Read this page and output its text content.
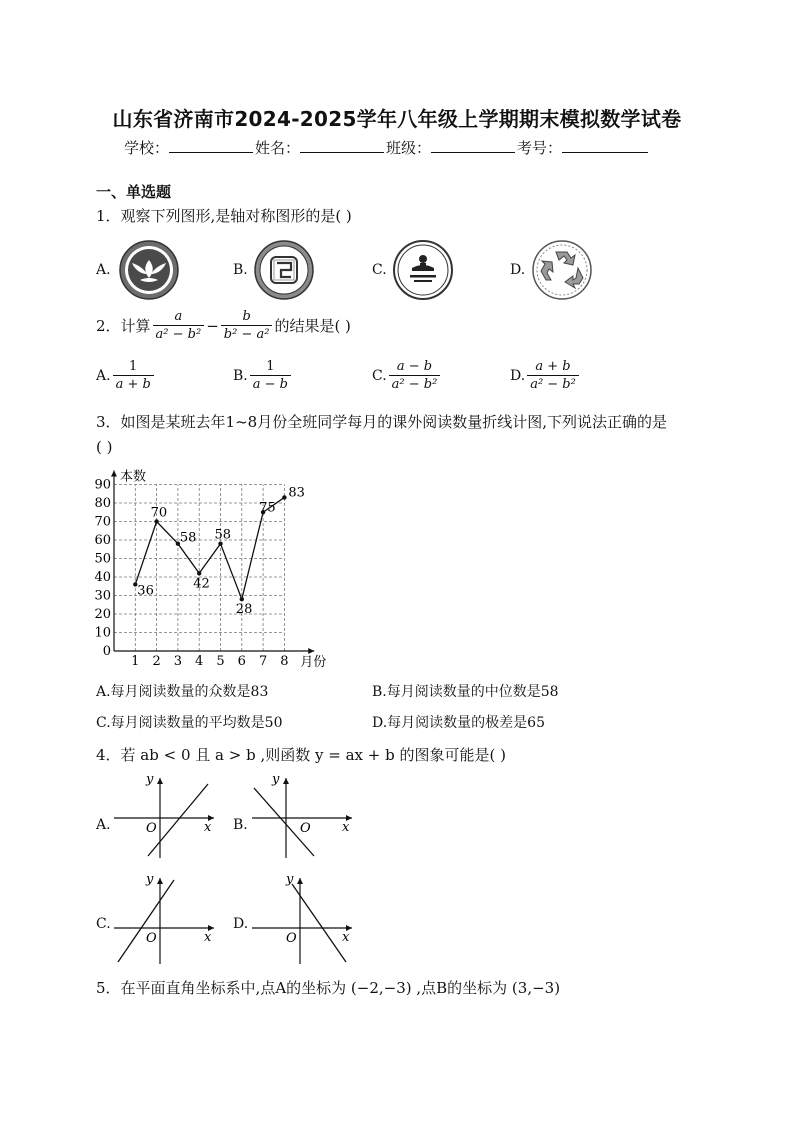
山东省济南市2024-2025学年八年级上学期期末模拟数学试卷
学校：	姓名：	班级：	考号：
一、单选题
1．观察下列图形,是轴对称图形的是( )
A.	B.	C.	D.
2．计算 $\frac{a}{\text{a² − b²}} - \frac{b}{\text{b² − a²}}$ 的结果是( )
A. $\frac{1}{a + b}$	B. $\frac{1}{a - b}$	C. $\frac{a - b}{\text{a² − b²}}$	D. $\frac{a + b}{\text{a² − b²}}$
3．如图是某班去年1~8月份全班同学每月的课外阅读数量折线计图,下列说法正确的是
( )
0
10
20
30
40
50
60
70
80
90
1 2 3 4 5 6 7 8
36
70
58
42
58
28
75
83
本数
月份
A.每月阅读数量的众数是83	B.每月阅读数量的中位数是58
C.每月阅读数量的平均数是50	D.每月阅读数量的极差是65
4．若 ab < 0 且 a > b ,则函数 y = ax + b 的图象可能是( )
A.	x
y
O	B.	x
y
O
C.
x
y
O
D.
x
y
O
5．在平面直角坐标系中,点A的坐标为 (−2,−3) ,点B的坐标为 (3,−3)
